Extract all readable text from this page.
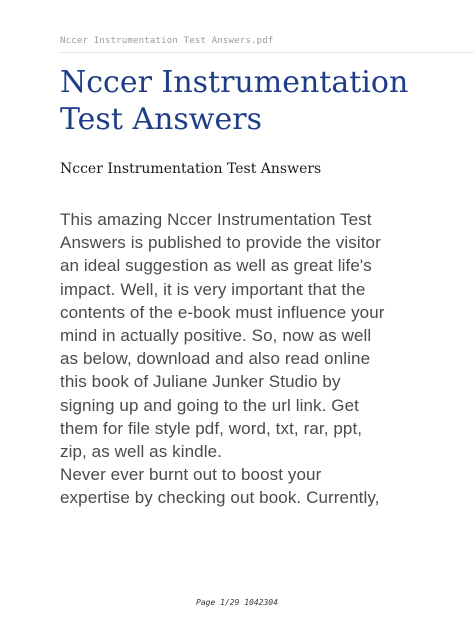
Nccer Instrumentation Test Answers.pdf
Nccer Instrumentation
Test Answers
Nccer Instrumentation Test Answers
This amazing Nccer Instrumentation Test
Answers is published to provide the visitor
an ideal suggestion as well as great life's
impact. Well, it is very important that the
contents of the e-book must influence your
mind in actually positive. So, now as well
as below, download and also read online
this book of Juliane Junker Studio by
signing up and going to the url link. Get
them for file style pdf, word, txt, rar, ppt,
zip, as well as kindle.
Never ever burnt out to boost your
expertise by checking out book. Currently,
Page 1/29 1042304
